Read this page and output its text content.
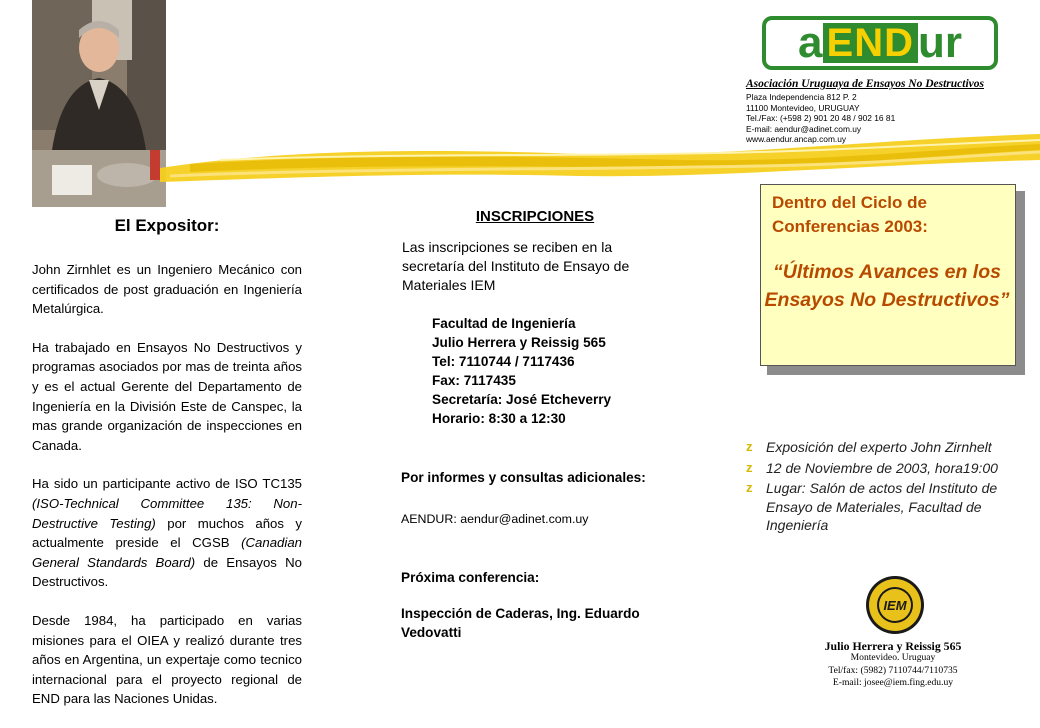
El Expositor:

John Zirnhlet es un Ingeniero Mecánico con certificados de post graduación en Ingeniería Metalúrgica.

Ha trabajado en Ensayos No Destructivos y programas asociados por mas de treinta años y es el actual Gerente del Departamento de Ingeniería en la División Este de Canspec, la mas grande organización de inspecciones en Canada.

Ha sido un participante activo de ISO TC135 (ISO-Technical Committee 135: Non-Destructive Testing) por muchos años y actualmente preside el CGSB (Canadian General Standards Board) de Ensayos No Destructivos.

Desde 1984, ha participado en varias misiones para el OIEA y realizó durante tres años en Argentina, un expertaje como tecnico internacional para el proyecto regional de END para las Naciones Unidas.

INSCRIPCIONES
Las inscripciones se reciben en la secretaría del Instituto de Ensayo de Materiales IEM
Facultad de Ingeniería
Julio Herrera y Reissig 565
Tel: 7110744 / 7117436
Fax: 7117435
Secretaría: José Etcheverry
Horario: 8:30 a 12:30
Por informes y consultas adicionales:
AENDUR: aendur@adinet.com.uy
Próxima conferencia:
Inspección de Caderas, Ing. Eduardo Vedovatti
a END ur
Asociación Uruguaya de Ensayos No Destructivos
Plaza Independencia 812 P. 2
11100 Montevideo, URUGUAY
Tel./Fax: (+598 2) 901 20 48 / 902 16 81
E-mail: aendur@adinet.com.uy
www.aendur.ancap.com.uy
Dentro del Ciclo de Conferencias 2003:
“Últimos Avances en los Ensayos No Destructivos”
z Exposición del experto John Zirnhelt
z 12 de Noviembre de 2003, hora19:00
z Lugar: Salón de actos del Instituto de Ensayo de Materiales, Facultad de Ingeniería
IEM
Julio Herrera y Reissig 565
Montevideo. Uruguay
Tel/fax: (5982) 7110744/7110735
E-mail: josee@iem.fing.edu.uy
